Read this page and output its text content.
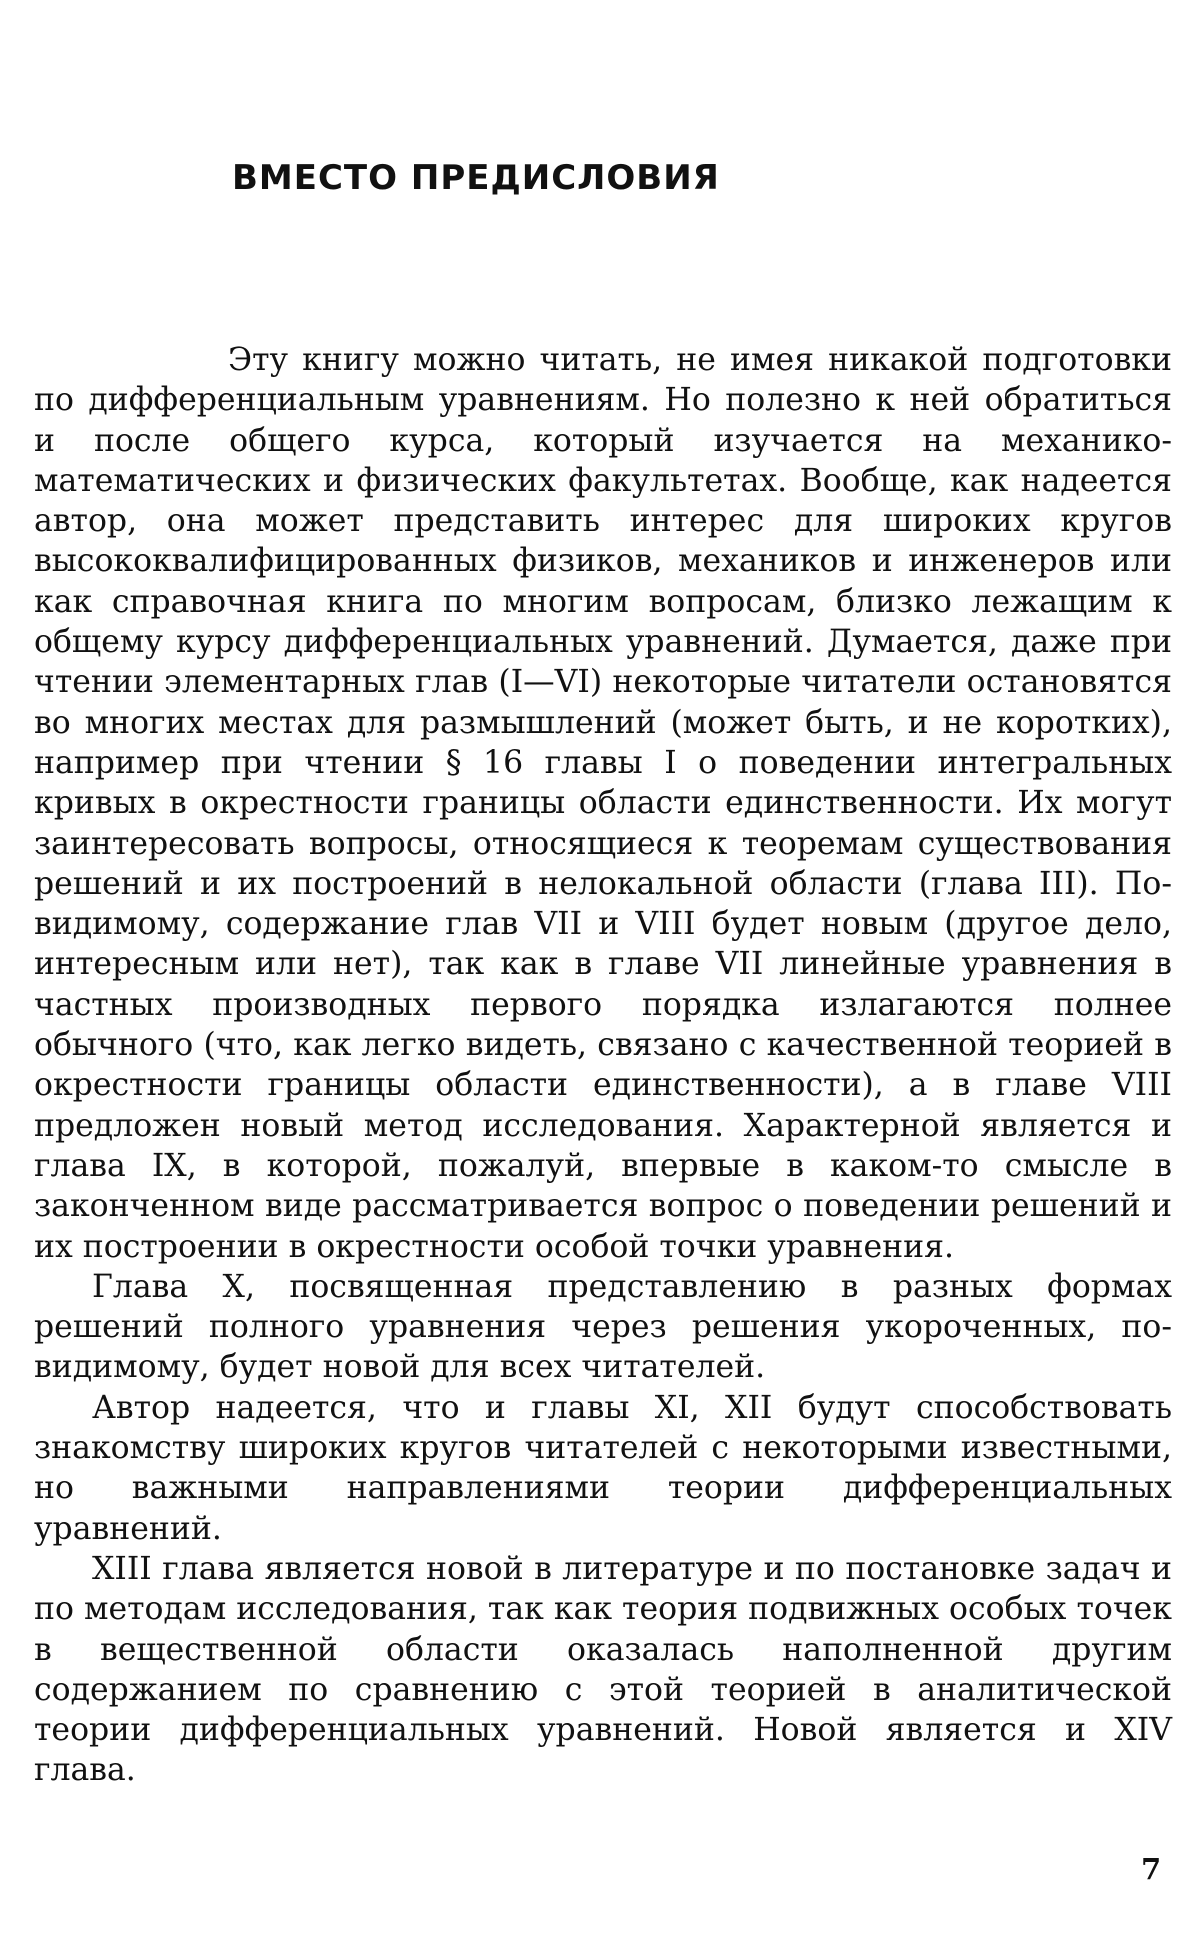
ВМЕСТО ПРЕДИСЛОВИЯ

Эту книгу можно читать, не имея никакой подготовки по дифференциальным уравнениям. Но полезно к ней обратиться и после общего курса, который изучается на механико-математических и физических факультетах. Вообще, как надеется автор, она может представить интерес для широких кругов высококвалифицированных физиков, механиков и инженеров или как справочная книга по многим вопросам, близко лежащим к общему курсу дифференциальных уравнений. Думается, даже при чтении элементарных глав (I—VI) некоторые читатели остановятся во многих местах для размышлений (может быть, и не коротких), например при чтении § 16 главы I о поведении интегральных кривых в окрестности границы области единственности. Их могут заинтересовать вопросы, относящиеся к теоремам существования решений и их построений в нелокальной области (глава III). По-видимому, содержание глав VII и VIII будет новым (другое дело, интересным или нет), так как в главе VII линейные уравнения в частных производных первого порядка излагаются полнее обычного (что, как легко видеть, связано с качественной теорией в окрестности границы области единственности), а в главе VIII предложен новый метод исследования. Характерной является и глава IX, в которой, пожалуй, впервые в каком-то смысле в законченном виде рассматривается вопрос о поведении решений и их построении в окрестности особой точки уравнения.

Глава X, посвященная представлению в разных формах решений полного уравнения через решения укороченных, по-видимому, будет новой для всех читателей.

Автор надеется, что и главы XI, XII будут способствовать знакомству широких кругов читателей с некоторыми известными, но важными направлениями теории дифференциальных уравнений.

XIII глава является новой в литературе и по постановке задач и по методам исследования, так как теория подвижных особых точек в вещественной области оказалась наполненной другим содержанием по сравнению с этой теорией в аналитической теории дифференциальных уравнений. Новой является и XIV глава.

7
